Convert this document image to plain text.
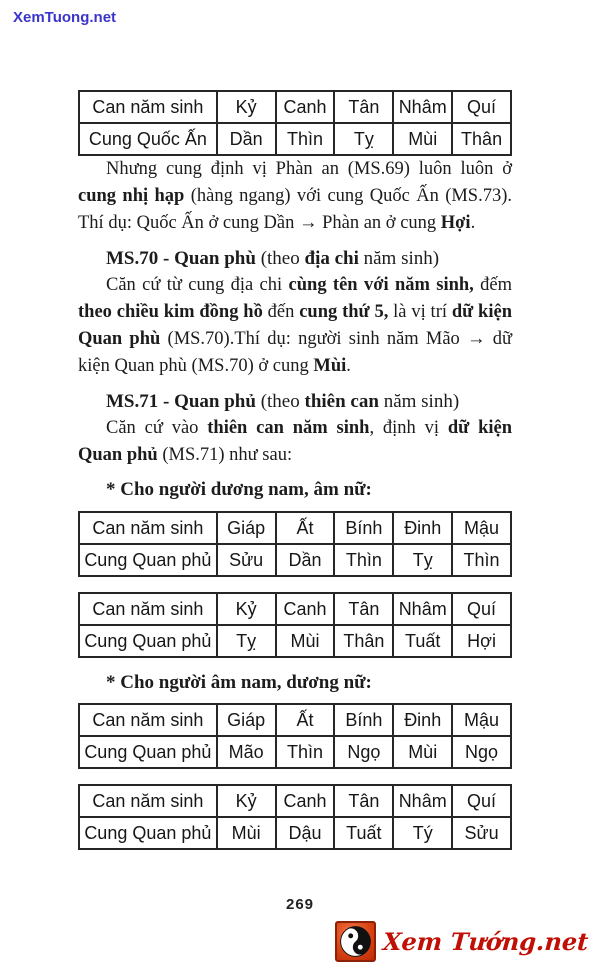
XemTuong.net
Can năm sinh	Kỷ	Canh	Tân	Nhâm	Quí
Cung Quốc Ấn	Dần	Thìn	Tỵ	Mùi	Thân

Nhưng cung định vị Phàn an (MS.69) luôn luôn ở cung nhị hạp (hàng ngang) với cung Quốc Ấn (MS.73). Thí dụ: Quốc Ấn ở cung Dần → Phàn an ở cung Hợi.

MS.70 - Quan phù (theo địa chi năm sinh)

Căn cứ từ cung địa chi cùng tên với năm sinh, đếm theo chiều kim đồng hồ đến cung thứ 5, là vị trí dữ kiện Quan phù (MS.70).Thí dụ: người sinh năm Mão → dữ kiện Quan phù (MS.70) ở cung Mùi.

MS.71 - Quan phủ (theo thiên can năm sinh)

Căn cứ vào thiên can năm sinh, định vị dữ kiện Quan phủ (MS.71) như sau:

* Cho người dương nam, âm nữ:

Can năm sinh	Giáp	Ất	Bính	Đinh	Mậu
Cung Quan phủ	Sửu	Dần	Thìn	Tỵ	Thìn
Can năm sinh	Kỷ	Canh	Tân	Nhâm	Quí
Cung Quan phủ	Tỵ	Mùi	Thân	Tuất	Hợi

* Cho người âm nam, dương nữ:

Can năm sinh	Giáp	Ất	Bính	Đinh	Mậu
Cung Quan phủ	Mão	Thìn	Ngọ	Mùi	Ngọ
Can năm sinh	Kỷ	Canh	Tân	Nhâm	Quí
Cung Quan phủ	Mùi	Dậu	Tuất	Tý	Sửu
269
Xem Tướng.net
